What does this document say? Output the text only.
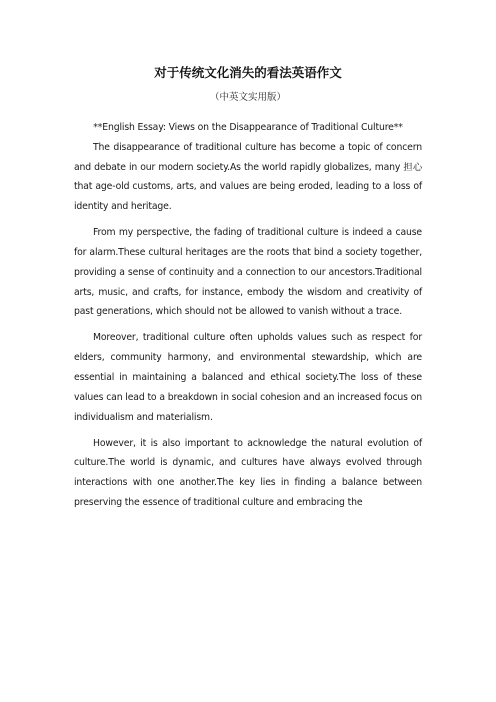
对于传统文化消失的看法英语作文
（中英文实用版）

**English Essay: Views on the Disappearance of Traditional Culture**

The disappearance of traditional culture has become a topic of concern and debate in our modern society.As the world rapidly globalizes, many 担心 that age-old customs, arts, and values are being eroded, leading to a loss of identity and heritage.

From my perspective, the fading of traditional culture is indeed a cause for alarm.These cultural heritages are the roots that bind a society together, providing a sense of continuity and a connection to our ancestors.Traditional arts, music, and crafts, for instance, embody the wisdom and creativity of past generations, which should not be allowed to vanish without a trace.

Moreover, traditional culture often upholds values such as respect for elders, community harmony, and environmental stewardship, which are essential in maintaining a balanced and ethical society.The loss of these values can lead to a breakdown in social cohesion and an increased focus on individualism and materialism.

However, it is also important to acknowledge the natural evolution of culture.The world is dynamic, and cultures have always evolved through interactions with one another.The key lies in finding a balance between preserving the essence of traditional culture and embracing the
